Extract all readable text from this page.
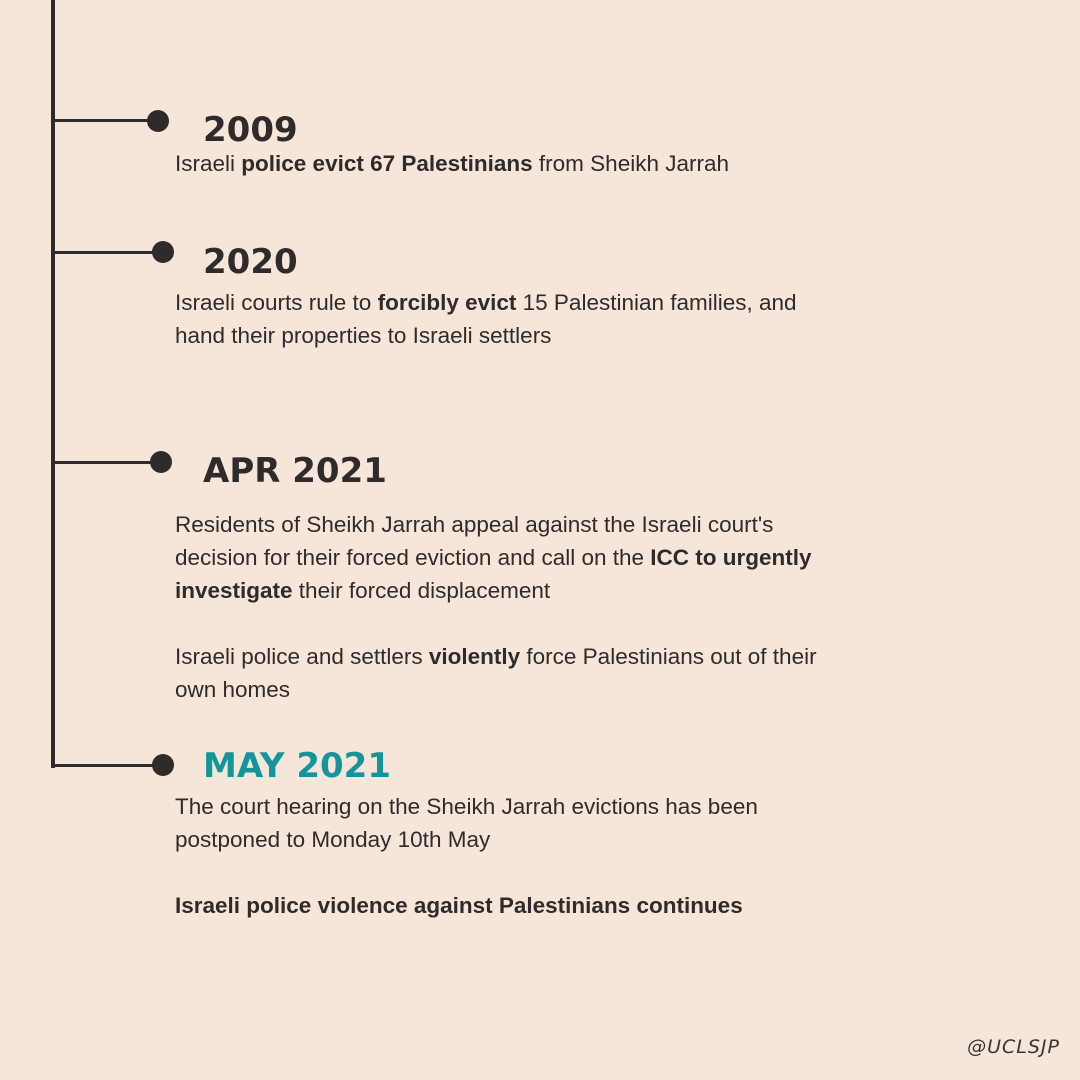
2009

Israeli police evict 67 Palestinians from Sheikh Jarrah

2020

Israeli courts rule to forcibly evict 15 Palestinian families, and hand their properties to Israeli settlers

APR 2021

Residents of Sheikh Jarrah appeal against the Israeli court's decision for their forced eviction and call on the ICC to urgently investigate their forced displacement

Israeli police and settlers violently force Palestinians out of their own homes

MAY 2021

The court hearing on the Sheikh Jarrah evictions has been postponed to Monday 10th May

Israeli police violence against Palestinians continues

@UCLSJP
